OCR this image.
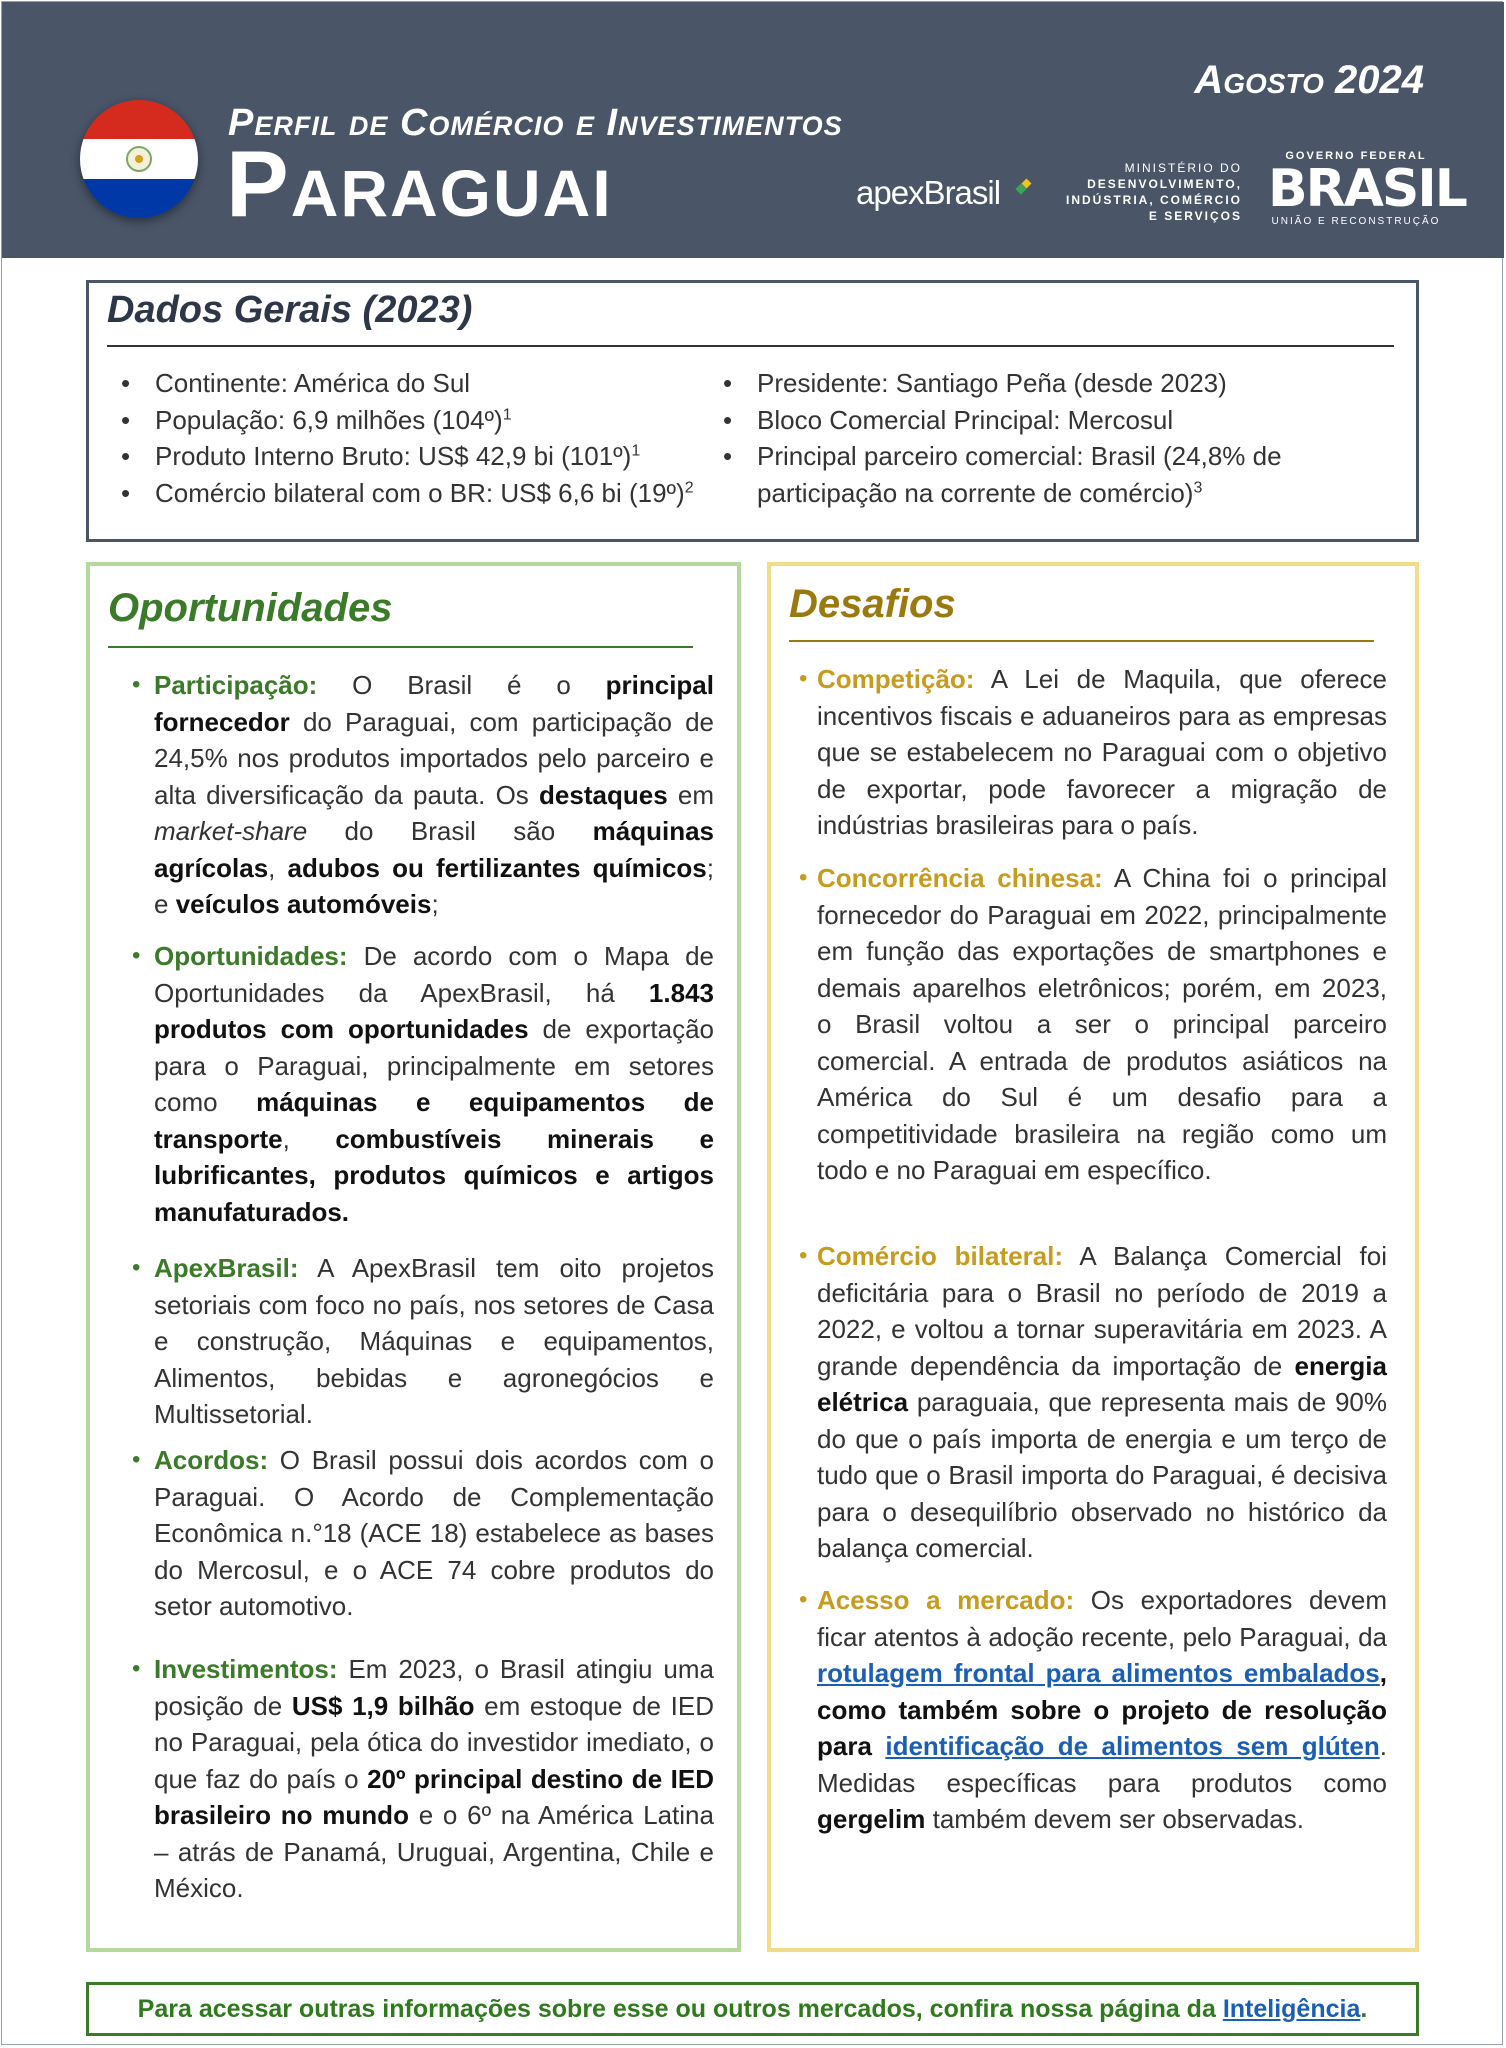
Perfil de Comércio e Investimentos
Paraguai
Agosto 2024
apexBrasil
MINISTÉRIO DO
DESENVOLVIMENTO,
INDÚSTRIA, COMÉRCIO
E SERVIÇOS
GOVERNO FEDERAL
BRASIL
UNIÃO E RECONSTRUÇÃO
Dados Gerais (2023)
• Continente: América do Sul
• População: 6,9 milhões (104º)$^1$
• Produto Interno Bruto: US$ 42,9 bi (101º)$^1$
• Comércio bilateral com o BR: US$ 6,6 bi (19º)$^2$
• Presidente: Santiago Peña (desde 2023)
• Bloco Comercial Principal: Mercosul
• Principal parceiro comercial: Brasil (24,8% de participação na corrente de comércio)$^3$
Oportunidades
• Participação: O Brasil é o principal fornecedor do Paraguai, com participação de 24,5% nos produtos importados pelo parceiro e alta diversificação da pauta. Os destaques em market-share do Brasil são máquinas agrícolas, adubos ou fertilizantes químicos; e veículos automóveis;
• Oportunidades: De acordo com o Mapa de Oportunidades da ApexBrasil, há 1.843 produtos com oportunidades de exportação para o Paraguai, principalmente em setores como máquinas e equipamentos de transporte, combustíveis minerais e lubrificantes, produtos químicos e artigos manufaturados.
• ApexBrasil: A ApexBrasil tem oito projetos setoriais com foco no país, nos setores de Casa e construção, Máquinas e equipamentos, Alimentos, bebidas e agronegócios e Multissetorial.
• Acordos: O Brasil possui dois acordos com o Paraguai. O Acordo de Complementação Econômica n.°18 (ACE 18) estabelece as bases do Mercosul, e o ACE 74 cobre produtos do setor automotivo.
• Investimentos: Em 2023, o Brasil atingiu uma posição de US$ 1,9 bilhão em estoque de IED no Paraguai, pela ótica do investidor imediato, o que faz do país o 20º principal destino de IED brasileiro no mundo e o 6º na América Latina – atrás de Panamá, Uruguai, Argentina, Chile e México.
Desafios
• Competição: A Lei de Maquila, que oferece incentivos fiscais e aduaneiros para as empresas que se estabelecem no Paraguai com o objetivo de exportar, pode favorecer a migração de indústrias brasileiras para o país.
• Concorrência chinesa: A China foi o principal fornecedor do Paraguai em 2022, principalmente em função das exportações de smartphones e demais aparelhos eletrônicos; porém, em 2023, o Brasil voltou a ser o principal parceiro comercial. A entrada de produtos asiáticos na América do Sul é um desafio para a competitividade brasileira na região como um todo e no Paraguai em específico.
• Comércio bilateral: A Balança Comercial foi deficitária para o Brasil no período de 2019 a 2022, e voltou a tornar superavitária em 2023. A grande dependência da importação de energia elétrica paraguaia, que representa mais de 90% do que o país importa de energia e um terço de tudo que o Brasil importa do Paraguai, é decisiva para o desequilíbrio observado no histórico da balança comercial.
• Acesso a mercado: Os exportadores devem ficar atentos à adoção recente, pelo Paraguai, da rotulagem frontal para alimentos embalados, como também sobre o projeto de resolução para identificação de alimentos sem glúten. Medidas específicas para produtos como gergelim também devem ser observadas.
Para acessar outras informações sobre esse ou outros mercados, confira nossa página da Inteligência.
